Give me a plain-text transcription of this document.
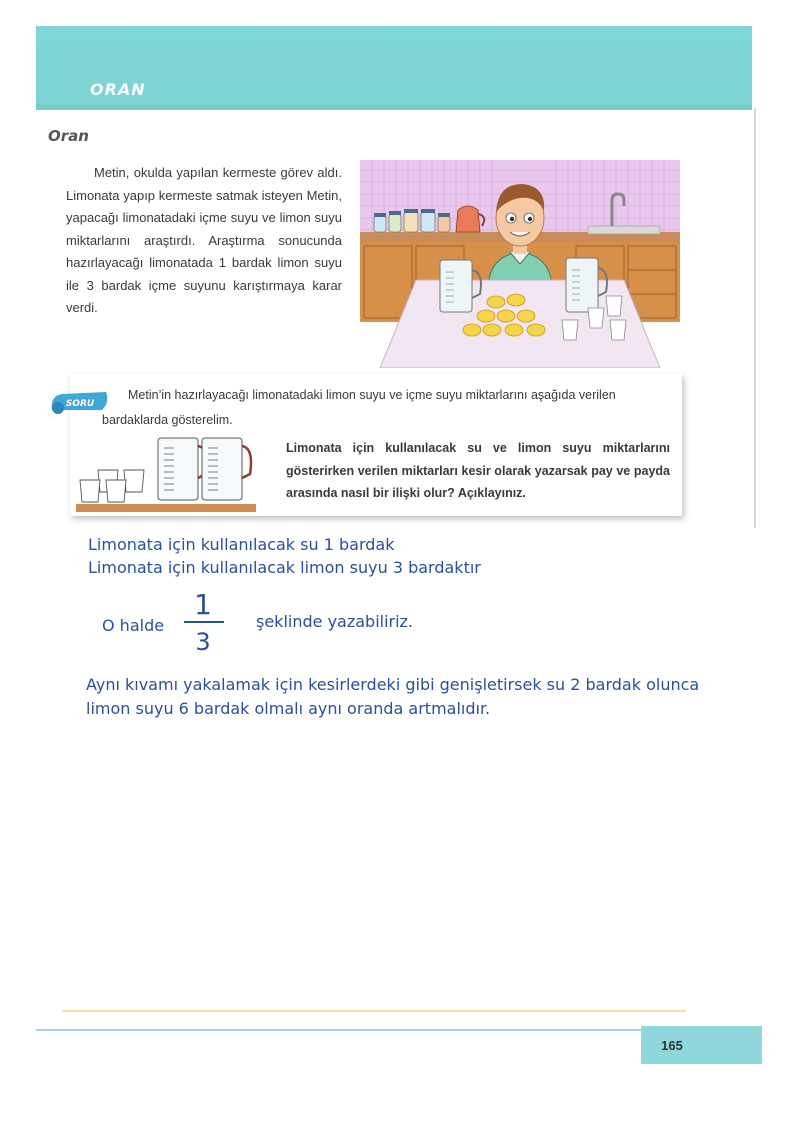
ORAN
Oran

Metin, okulda yapılan kermeste görev aldı. Limonata yapıp kermeste satmak isteyen Metin, yapacağı limonatadaki içme suyu ve limon suyu miktarlarını araştırdı. Araştırma sonucunda hazırlayacağı limonatada 1 bardak limon suyu ile 3 bardak içme suyunu karıştırmaya karar verdi.

SORU
Metin’in hazırlayacağı limonatadaki limon suyu ve içme suyu miktarlarını aşağıda verilen
bardaklarda gösterelim.
Limonata için kullanılacak su ve limon suyu miktarlarını gösterirken verilen miktarları kesir olarak yazarsak pay ve payda arasında nasıl bir ilişki olur? Açıklayınız.
Limonata için kullanılacak su 1 bardak
Limonata için kullanılacak limon suyu 3 bardaktır
O halde
1
3
şeklinde yazabiliriz.
Aynı kıvamı yakalamak için kesirlerdeki gibi genişletirsek su 2 bardak olunca limon suyu 6 bardak olmalı aynı oranda artmalıdır.
165
